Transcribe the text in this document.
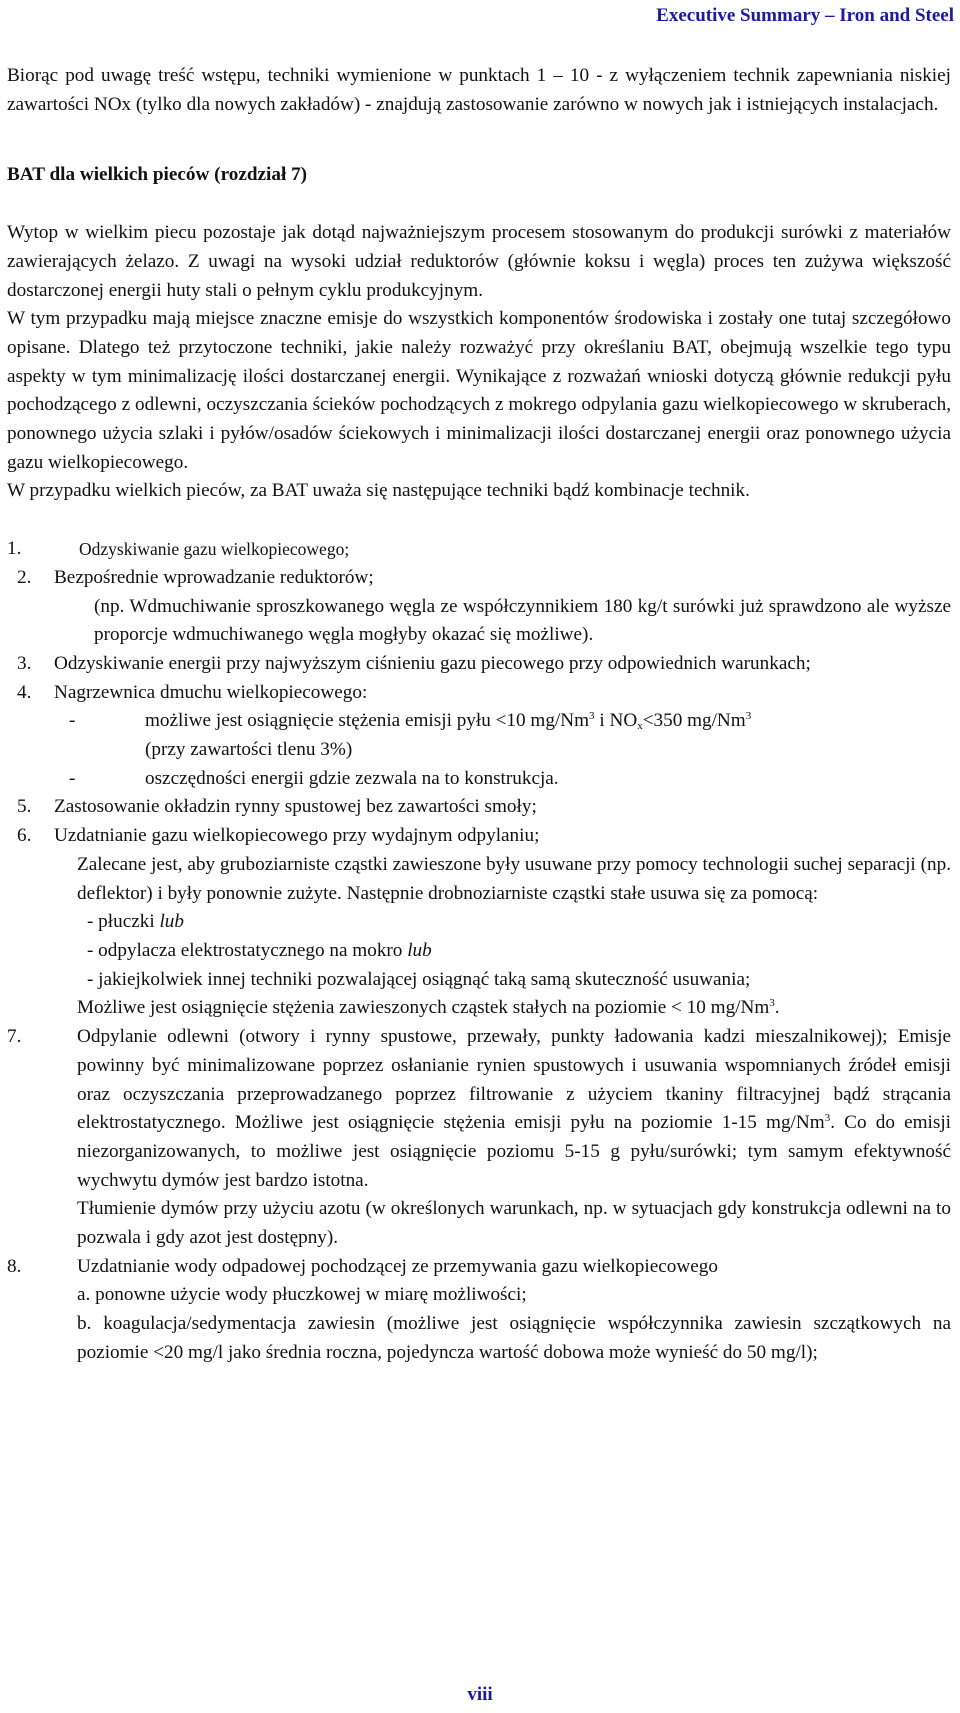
Executive Summary – Iron and Steel

Biorąc pod uwagę treść wstępu, techniki wymienione w punktach 1 – 10 - z wyłączeniem technik zapewniania niskiej zawartości NOx (tylko dla nowych zakładów) - znajdują zastosowanie zarówno w nowych jak i istniejących instalacjach.

BAT dla wielkich pieców (rozdział 7)

Wytop w wielkim piecu pozostaje jak dotąd najważniejszym procesem stosowanym do produkcji surówki z materiałów zawierających żelazo. Z uwagi na wysoki udział reduktorów (głównie koksu i węgla) proces ten zużywa większość dostarczonej energii huty stali o pełnym cyklu produkcyjnym.

W tym przypadku mają miejsce znaczne emisje do wszystkich komponentów środowiska i zostały one tutaj szczegółowo opisane. Dlatego też przytoczone techniki, jakie należy rozważyć przy określaniu BAT, obejmują wszelkie tego typu aspekty w tym minimalizację ilości dostarczanej energii. Wynikające z rozważań wnioski dotyczą głównie redukcji pyłu pochodzącego z odlewni, oczyszczania ścieków pochodzących z mokrego odpylania gazu wielkopiecowego w skruberach, ponownego użycia szlaki i pyłów/osadów ściekowych i minimalizacji ilości dostarczanej energii oraz ponownego użycia gazu wielkopiecowego.

W przypadku wielkich pieców, za BAT uważa się następujące techniki bądź kombinacje technik.

1.	Odzyskiwanie gazu wielkopiecowego;
2.	Bezpośrednie wprowadzanie reduktorów;

(np. Wdmuchiwanie sproszkowanego węgla ze współczynnikiem 180 kg/t surówki już sprawdzono ale wyższe proporcje wdmuchiwanego węgla mogłyby okazać się możliwe).

3.	Odzyskiwanie energii przy najwyższym ciśnieniu gazu piecowego przy odpowiednich warunkach;
4.	Nagrzewnica dmuchu wielkopiecowego:
-	możliwe jest osiągnięcie stężenia emisji pyłu <10 mg/Nm$^3$ i NOx<350 mg/Nm$^3$
(przy zawartości tlenu 3%)
-	oszczędności energii gdzie zezwala na to konstrukcja.
5.	Zastosowanie okładzin rynny spustowej bez zawartości smoły;
6.	Uzdatnianie gazu wielkopiecowego przy wydajnym odpylaniu;

Zalecane jest, aby gruboziarniste cząstki zawieszone były usuwane przy pomocy technologii suchej separacji (np. deflektor) i były ponownie zużyte. Następnie drobnoziarniste cząstki stałe usuwa się za pomocą:

- płuczki lub

- odpylacza elektrostatycznego na mokro lub

- jakiejkolwiek innej techniki pozwalającej osiągnąć taką samą skuteczność usuwania;

Możliwe jest osiągnięcie stężenia zawieszonych cząstek stałych na poziomie < 10 mg/Nm$^3$.

7.	Odpylanie odlewni (otwory i rynny spustowe, przewały, punkty ładowania kadzi mieszalnikowej); Emisje powinny być minimalizowane poprzez osłanianie rynien spustowych i usuwania wspomnianych źródeł emisji oraz oczyszczania przeprowadzanego poprzez filtrowanie z użyciem tkaniny filtracyjnej bądź strącania elektrostatycznego. Możliwe jest osiągnięcie stężenia emisji pyłu na poziomie 1-15 mg/Nm$^3$. Co do emisji niezorganizowanych, to możliwe jest osiągnięcie poziomu 5-15 g pyłu/surówki; tym samym efektywność wychwytu dymów jest bardzo istotna.

Tłumienie dymów przy użyciu azotu (w określonych warunkach, np. w sytuacjach gdy konstrukcja odlewni na to pozwala i gdy azot jest dostępny).

8.	Uzdatnianie wody odpadowej pochodzącej ze przemywania gazu wielkopiecowego

a. ponowne użycie wody płuczkowej w miarę możliwości;

b. koagulacja/sedymentacja zawiesin (możliwe jest osiągnięcie współczynnika zawiesin szczątkowych na poziomie <20 mg/l jako średnia roczna, pojedyncza wartość dobowa może wynieść do 50 mg/l);

viii
